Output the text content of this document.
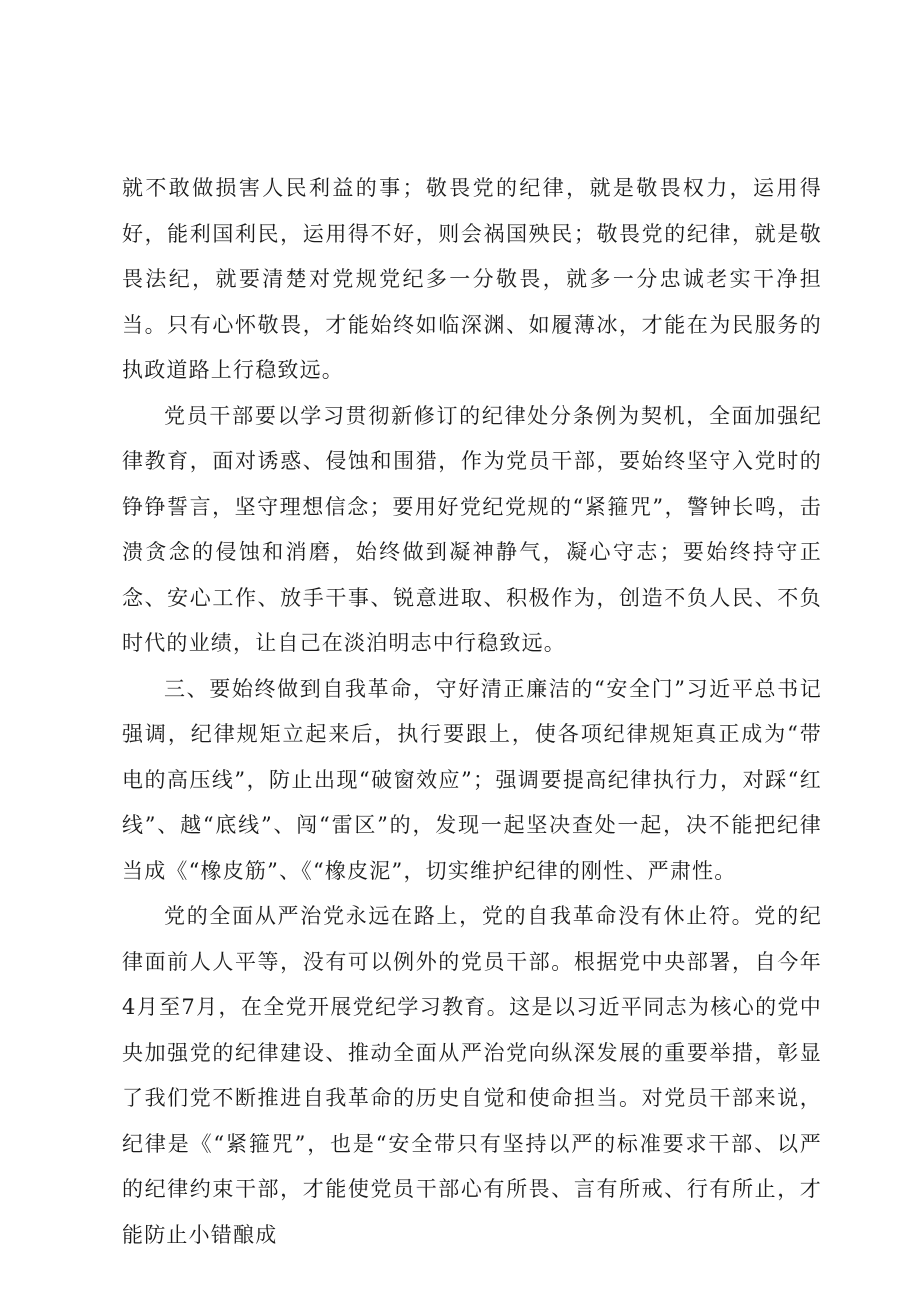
就不敢做损害人民利益的事；敬畏党的纪律，就是敬畏权力，运用得好，能利国利民，运用得不好，则会祸国殃民；敬畏党的纪律，就是敬畏法纪，就要清楚对党规党纪多一分敬畏，就多一分忠诚老实干净担当。只有心怀敬畏，才能始终如临深渊、如履薄冰，才能在为民服务的执政道路上行稳致远。

党员干部要以学习贯彻新修订的纪律处分条例为契机，全面加强纪律教育，面对诱惑、侵蚀和围猎，作为党员干部，要始终坚守入党时的铮铮誓言，坚守理想信念；要用好党纪党规的“紧箍咒”，警钟长鸣，击溃贪念的侵蚀和消磨，始终做到凝神静气，凝心守志；要始终持守正念、安心工作、放手干事、锐意进取、积极作为，创造不负人民、不负时代的业绩，让自己在淡泊明志中行稳致远。

三、要始终做到自我革命，守好清正廉洁的“安全门”习近平总书记强调，纪律规矩立起来后，执行要跟上，使各项纪律规矩真正成为“带电的高压线”，防止出现“破窗效应”；强调要提高纪律执行力，对踩“红线”、越“底线”、闯“雷区”的，发现一起坚决查处一起，决不能把纪律当成《“橡皮筋”、《“橡皮泥”，切实维护纪律的刚性、严肃性。

党的全面从严治党永远在路上，党的自我革命没有休止符。党的纪律面前人人平等，没有可以例外的党员干部。根据党中央部署，自今年4月至7月，在全党开展党纪学习教育。这是以习近平同志为核心的党中央加强党的纪律建设、推动全面从严治党向纵深发展的重要举措，彰显了我们党不断推进自我革命的历史自觉和使命担当。对党员干部来说，纪律是《“紧箍咒”，也是“安全带只有坚持以严的标准要求干部、以严的纪律约束干部，才能使党员干部心有所畏、言有所戒、行有所止，才能防止小错酿成
